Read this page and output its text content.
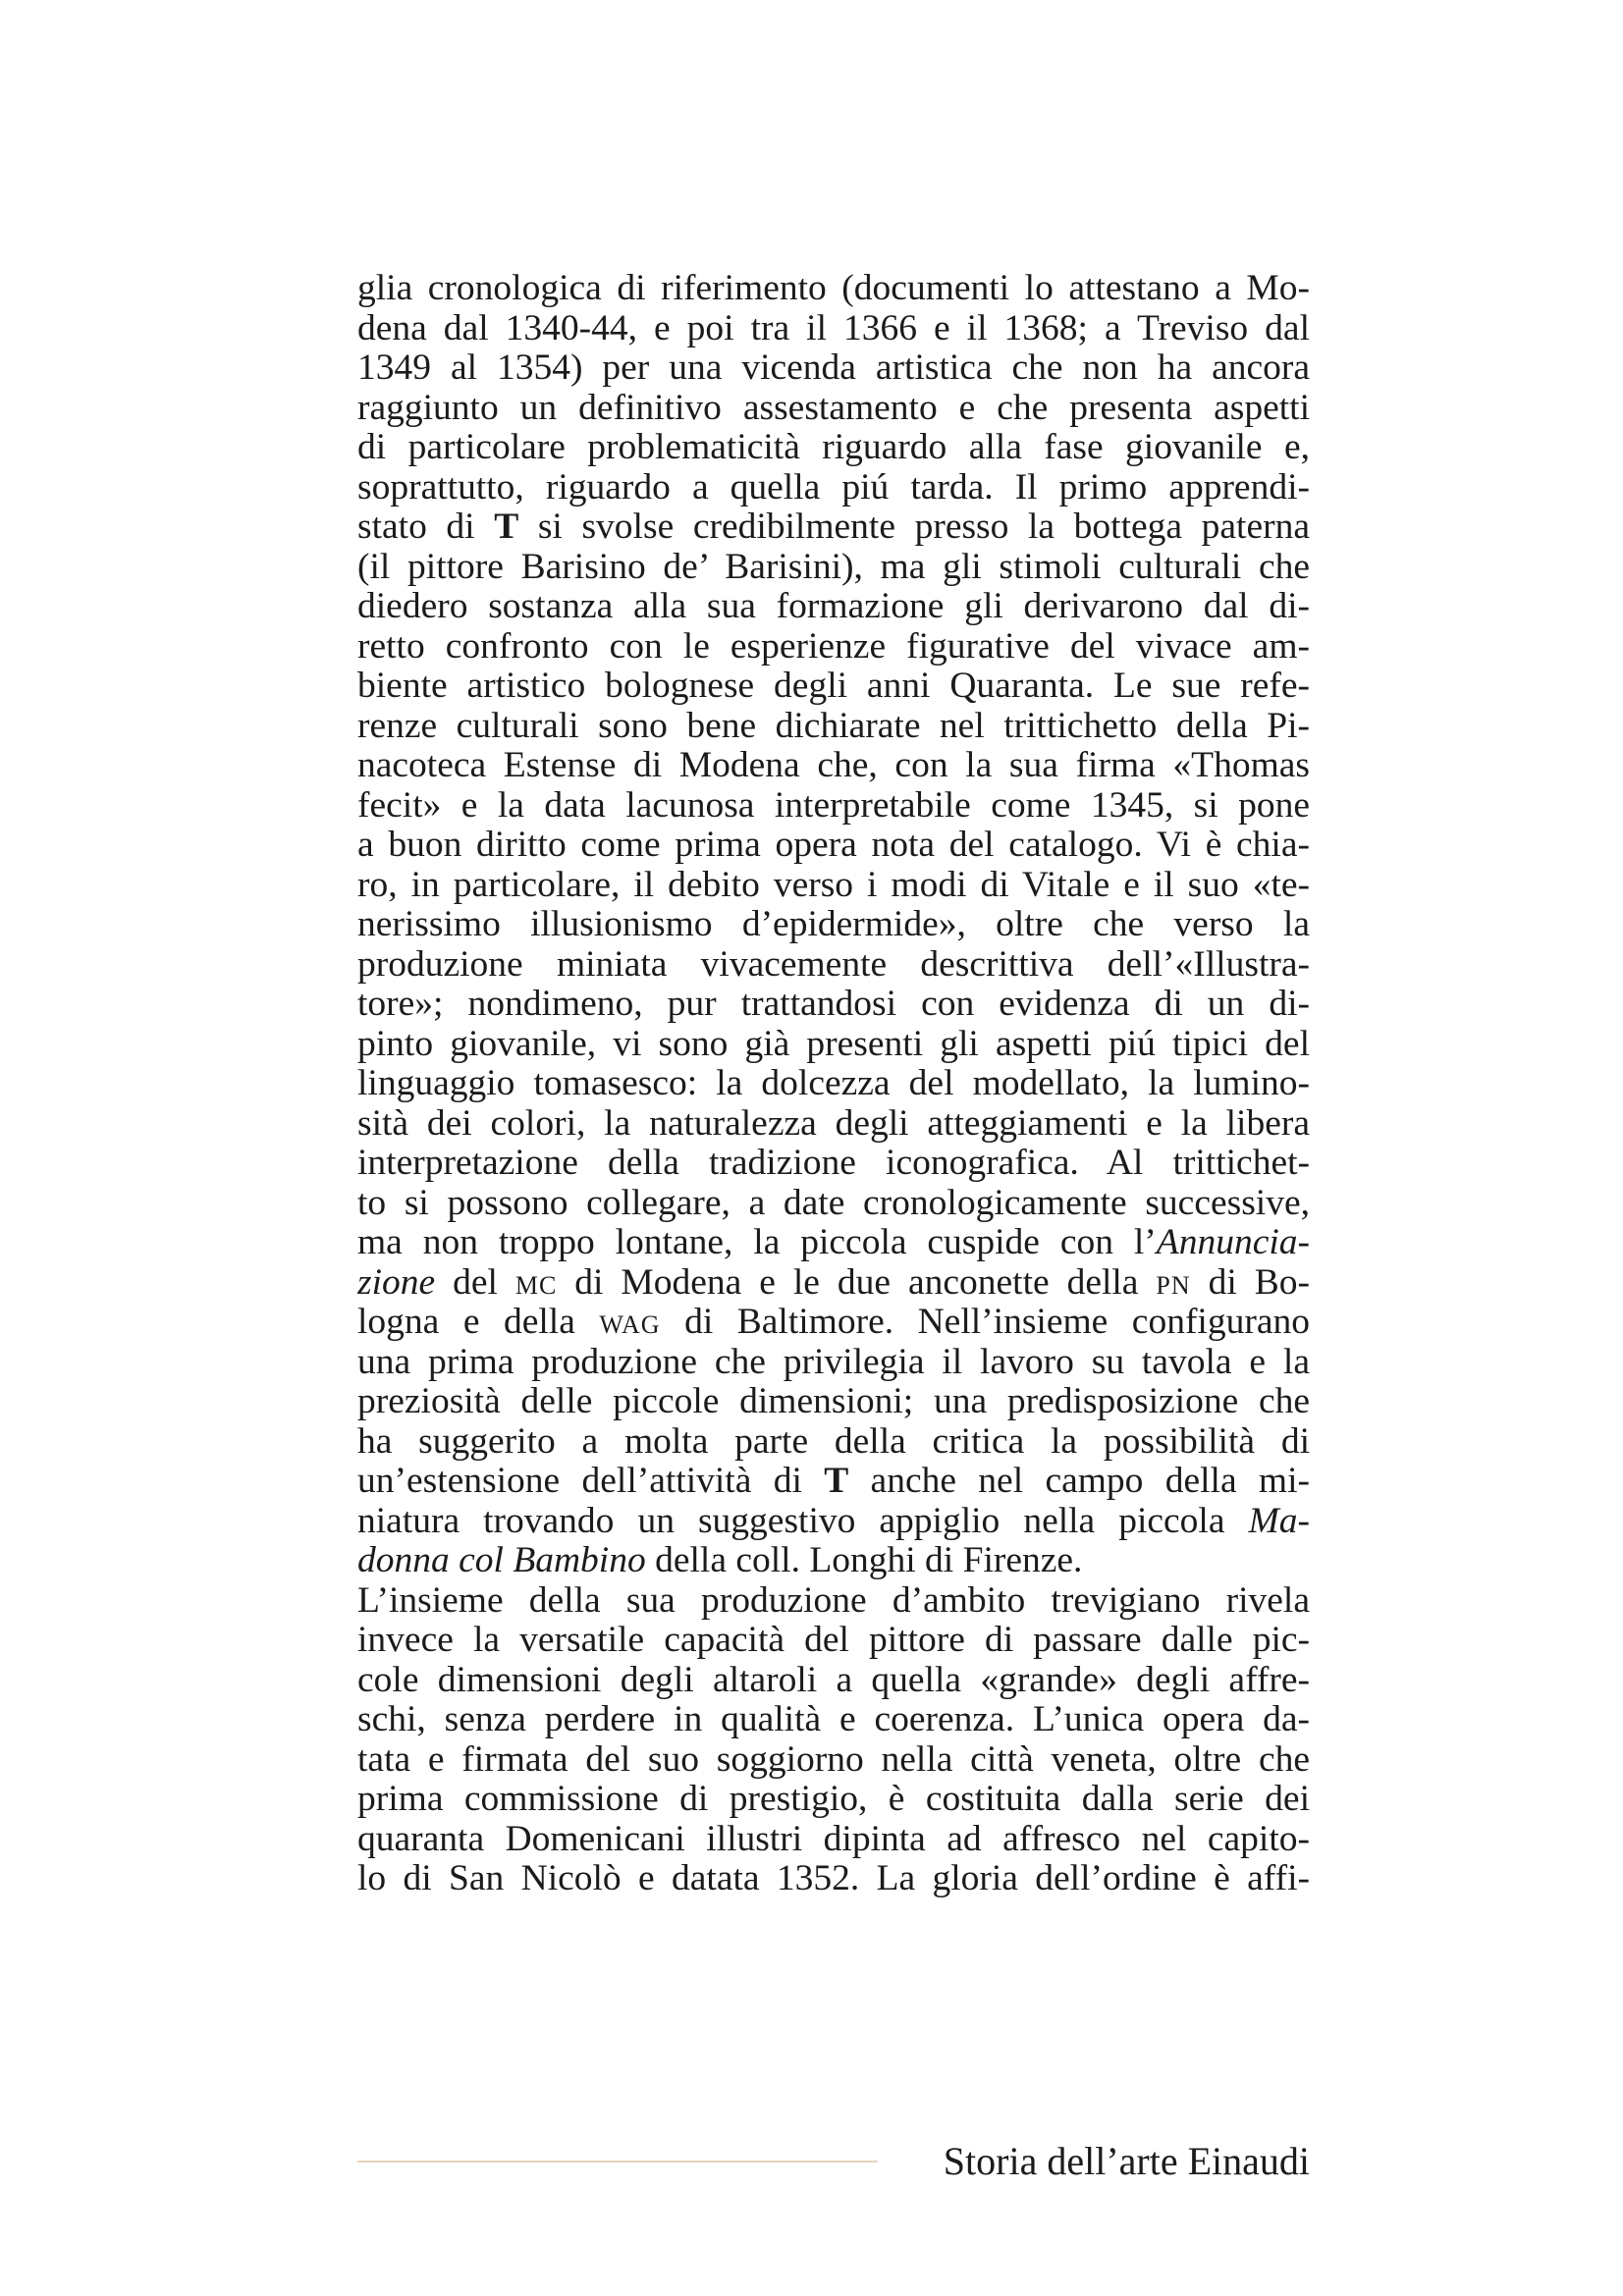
glia cronologica di riferimento (documenti lo attestano a Mo-
dena dal 1340-44, e poi tra il 1366 e il 1368; a Treviso dal
1349 al 1354) per una vicenda artistica che non ha ancora
raggiunto un definitivo assestamento e che presenta aspetti
di particolare problematicità riguardo alla fase giovanile e,
soprattutto, riguardo a quella piú tarda. Il primo apprendi-
stato di T si svolse credibilmente presso la bottega paterna
(il pittore Barisino de’ Barisini), ma gli stimoli culturali che
diedero sostanza alla sua formazione gli derivarono dal di-
retto confronto con le esperienze figurative del vivace am-
biente artistico bolognese degli anni Quaranta. Le sue refe-
renze culturali sono bene dichiarate nel trittichetto della Pi-
nacoteca Estense di Modena che, con la sua firma «Thomas
fecit» e la data lacunosa interpretabile come 1345, si pone
a buon diritto come prima opera nota del catalogo. Vi è chia-
ro, in particolare, il debito verso i modi di Vitale e il suo «te-
nerissimo illusionismo d’epidermide», oltre che verso la
produzione miniata vivacemente descrittiva dell’«Illustra-
tore»; nondimeno, pur trattandosi con evidenza di un di-
pinto giovanile, vi sono già presenti gli aspetti piú tipici del
linguaggio tomasesco: la dolcezza del modellato, la lumino-
sità dei colori, la naturalezza degli atteggiamenti e la libera
interpretazione della tradizione iconografica. Al trittichet-
to si possono collegare, a date cronologicamente successive,
ma non troppo lontane, la piccola cuspide con l’Annuncia-
zione del mc di Modena e le due anconette della pn di Bo-
logna e della wag di Baltimore. Nell’insieme configurano
una prima produzione che privilegia il lavoro su tavola e la
preziosità delle piccole dimensioni; una predisposizione che
ha suggerito a molta parte della critica la possibilità di
un’estensione dell’attività di T anche nel campo della mi-
niatura trovando un suggestivo appiglio nella piccola Ma-
donna col Bambino della coll. Longhi di Firenze.
L’insieme della sua produzione d’ambito trevigiano rivela
invece la versatile capacità del pittore di passare dalle pic-
cole dimensioni degli altaroli a quella «grande» degli affre-
schi, senza perdere in qualità e coerenza. L’unica opera da-
tata e firmata del suo soggiorno nella città veneta, oltre che
prima commissione di prestigio, è costituita dalla serie dei
quaranta Domenicani illustri dipinta ad affresco nel capito-
lo di San Nicolò e datata 1352. La gloria dell’ordine è affi-
Storia dell’arte Einaudi
